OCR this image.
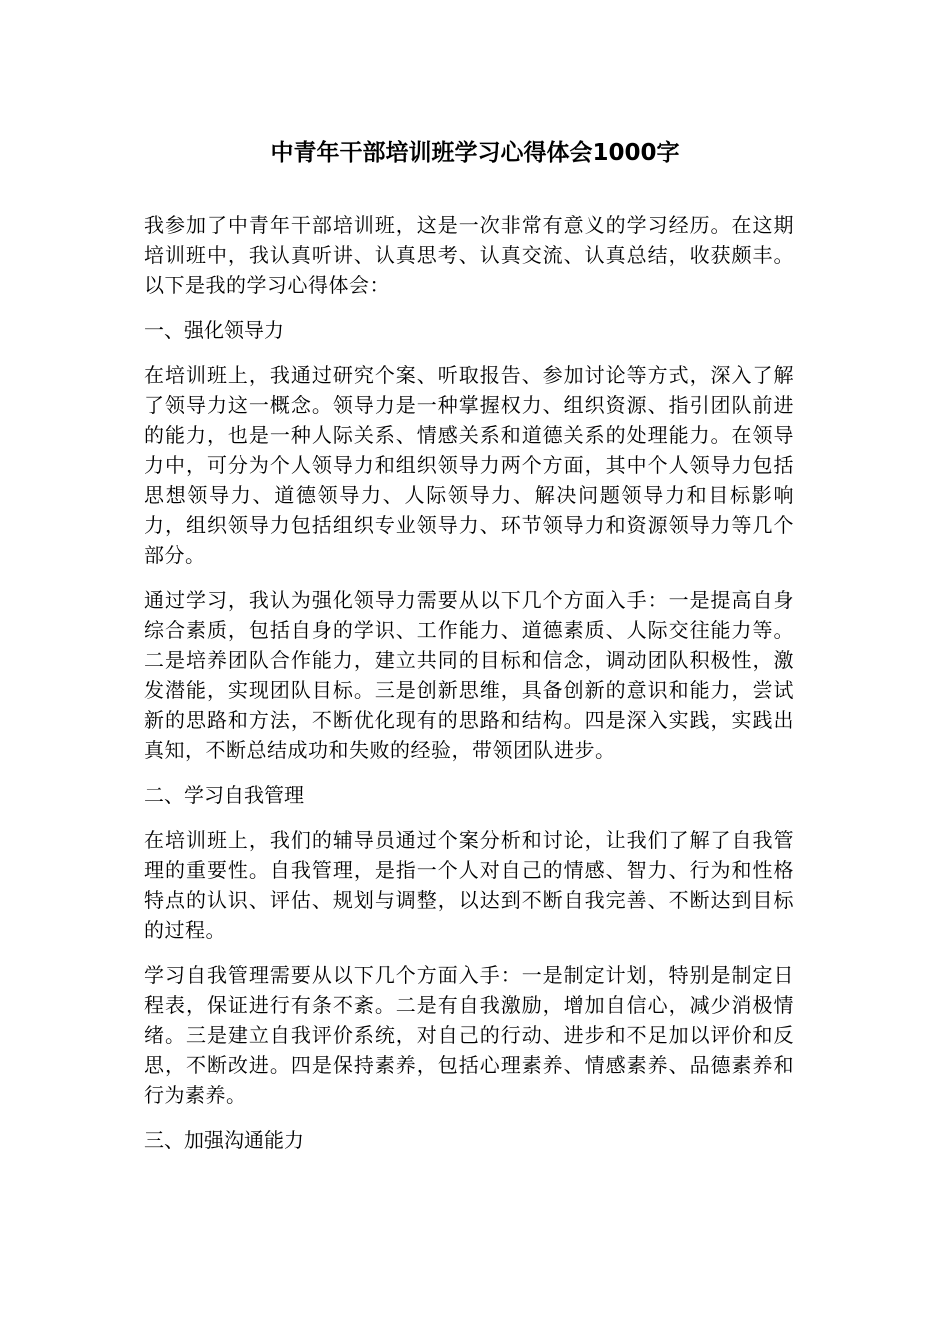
中青年干部培训班学习心得体会1000字

我参加了中青年干部培训班，这是一次非常有意义的学习经历。在这期培训班中，我认真听讲、认真思考、认真交流、认真总结，收获颇丰。以下是我的学习心得体会：

一、强化领导力

在培训班上，我通过研究个案、听取报告、参加讨论等方式，深入了解了领导力这一概念。领导力是一种掌握权力、组织资源、指引团队前进的能力，也是一种人际关系、情感关系和道德关系的处理能力。在领导力中，可分为个人领导力和组织领导力两个方面，其中个人领导力包括思想领导力、道德领导力、人际领导力、解决问题领导力和目标影响力，组织领导力包括组织专业领导力、环节领导力和资源领导力等几个部分。

通过学习，我认为强化领导力需要从以下几个方面入手：一是提高自身综合素质，包括自身的学识、工作能力、道德素质、人际交往能力等。二是培养团队合作能力，建立共同的目标和信念，调动团队积极性，激发潜能，实现团队目标。三是创新思维，具备创新的意识和能力，尝试新的思路和方法，不断优化现有的思路和结构。四是深入实践，实践出真知，不断总结成功和失败的经验，带领团队进步。

二、学习自我管理

在培训班上，我们的辅导员通过个案分析和讨论，让我们了解了自我管理的重要性。自我管理，是指一个人对自己的情感、智力、行为和性格特点的认识、评估、规划与调整，以达到不断自我完善、不断达到目标的过程。

学习自我管理需要从以下几个方面入手：一是制定计划，特别是制定日程表，保证进行有条不紊。二是有自我激励，增加自信心，减少消极情绪。三是建立自我评价系统，对自己的行动、进步和不足加以评价和反思，不断改进。四是保持素养，包括心理素养、情感素养、品德素养和行为素养。

三、加强沟通能力
